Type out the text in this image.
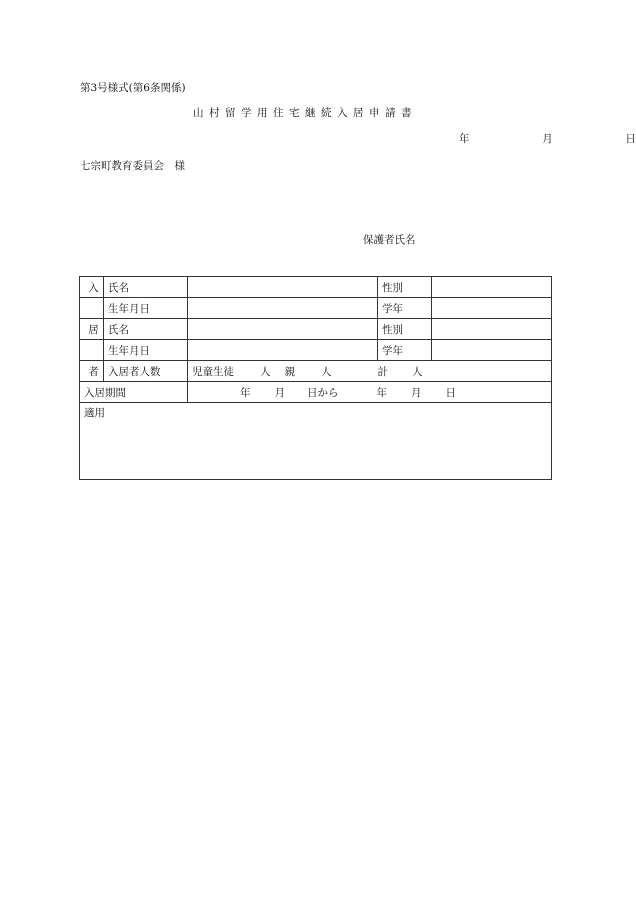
第3号様式(第6条関係)
山村留学用住宅継続入居申請書
年	月	日
七宗町教育委員会　様
保護者氏名
入	氏名		性別	
	生年月日		学年	
居	氏名		性別	
	生年月日		学年	
者	入居者人数	児童生徒 人 親 人 計 人		
入居期間		年 月 日から 年 月 日		
適用				
